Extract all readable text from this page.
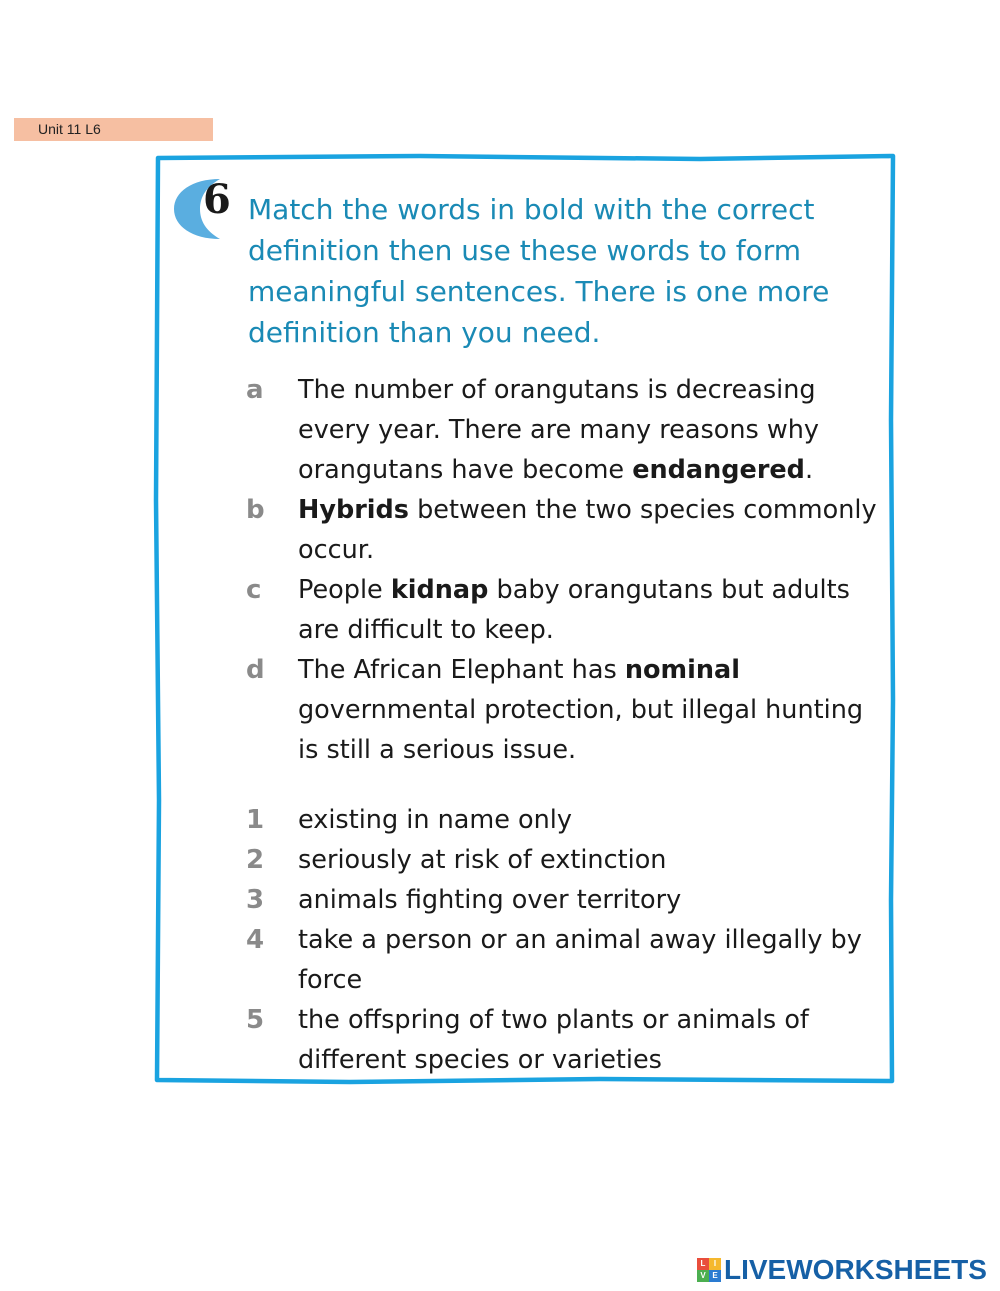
Unit 11 L6
6 Match the words in bold with the correct definition then use these words to form meaningful sentences. There is one more definition than you need.

a	The number of orangutans is decreasing every year. There are many reasons why orangutans have become endangered.
b	Hybrids between the two species commonly occur.
c	People kidnap baby orangutans but adults are difficult to keep.
d	The African Elephant has nominal governmental protection, but illegal hunting is still a serious issue.
1	existing in name only
2	seriously at risk of extinction
3	animals fighting over territory
4	take a person or an animal away illegally by force
5	the offspring of two plants or animals of different species or varieties
L	I
V E LIVEWORKSHEETS
